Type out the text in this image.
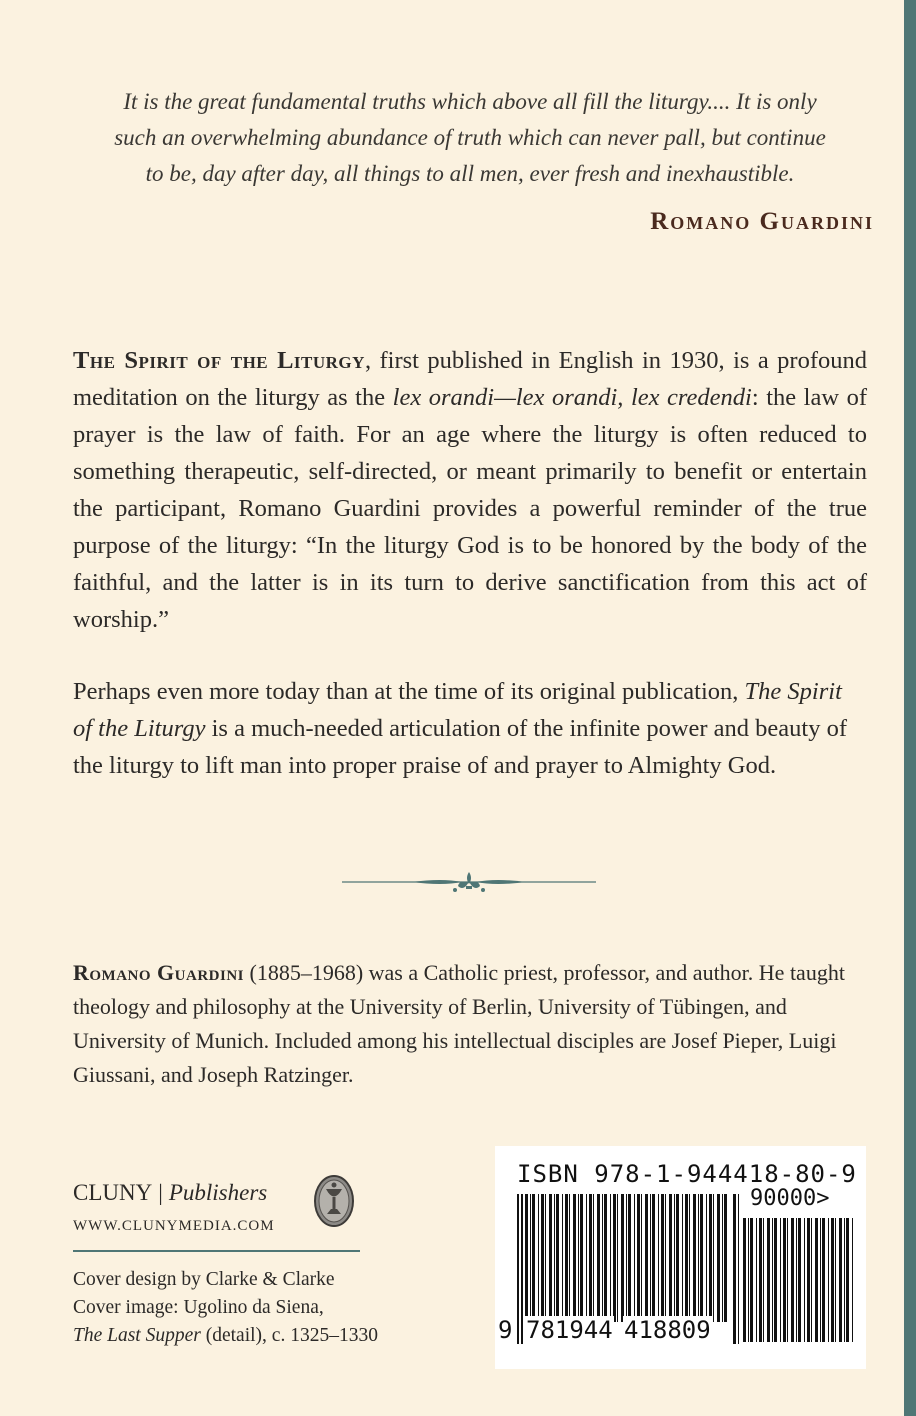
It is the great fundamental truths which above all fill the liturgy.... It is only
such an overwhelming abundance of truth which can never pall, but continue
to be, day after day, all things to all men, ever fresh and inexhaustible.
Romano Guardini

The Spirit of the Liturgy, first published in English in 1930, is a profound meditation on the liturgy as the lex orandi—lex orandi, lex credendi: the law of prayer is the law of faith. For an age where the liturgy is often reduced to something therapeutic, self-directed, or meant primarily to benefit or entertain the participant, Romano Guardini provides a powerful reminder of the true purpose of the liturgy: “In the liturgy God is to be honored by the body of the faithful, and the latter is in its turn to derive sanctification from this act of worship.”

Perhaps even more today than at the time of its original publication, The Spirit of the Liturgy is a much-needed articulation of the infinite power and beauty of the liturgy to lift man into proper praise of and prayer to Almighty God.

Romano Guardini (1885–1968) was a Catholic priest, professor, and author. He taught theology and philosophy at the University of Berlin, University of Tübingen, and University of Munich. Included among his intellectual disciples are Josef Pieper, Luigi Giussani, and Joseph Ratzinger.

CLUNY | Publishers
WWW.CLUNYMEDIA.COM
Cover design by Clarke & Clarke
Cover image: Ugolino da Siena,
The Last Supper (detail), c. 1325–1330
ISBN 978-1-944418-80-9
90000>
9 781944 418809
